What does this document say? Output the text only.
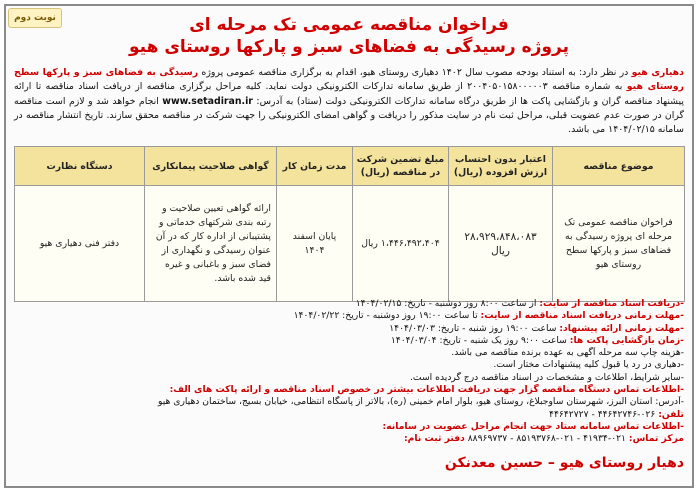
نوبت دوم	فراخوان مناقصه عمومی تک مرحله ای
پروژه رسیدگی به فضاهای سبز و پارکها روستای هیو
دهیاری هیو در نظر دارد: به استناد بودجه مصوب سال ۱۴۰۲ دهیاری روستای هیو، اقدام به برگزاری مناقصه عمومی پروژه رسیدگی به فضاهای سبز و پارکها سطح روستای هیو به شماره مناقصه ۲۰۰۴۰۵۰۱۵۸۰۰۰۰۰۳ از طریق سامانه تدارکات الکترونیکی دولت نماید. کلیه مراحل برگزاری مناقصه از دریافت اسناد مناقصه تا ارائه پیشنهاد مناقصه گران و بازگشایی پاکت ها از طریق درگاه سامانه تدارکات الکترونیکی دولت (ستاد) به آدرس: www.setadiran.ir انجام خواهد شد و لازم است مناقصه گران در صورت عدم عضویت قبلی، مراحل ثبت نام در سایت مذکور را دریافت و گواهی امضای الکترونیکی را جهت شرکت در مناقصه محقق سازند. تاریخ انتشار مناقصه در سامانه ۱۴۰۴/۰۲/۱۵ می باشد.
موضوع مناقصه	اعتبار بدون احتساب ارزش افزوده (ریال)	مبلغ تضمین شرکت در مناقصه (ریال)	مدت زمان کار	گواهی صلاحیت پیمانکاری	دستگاه نظارت
فراخوان مناقصه عمومی تک مرحله ای پروژه رسیدگی به فضاهای سبز و پارکها سطح روستای هیو	۲۸،۹۲۹،۸۴۸،۰۸۳ ریال	۱،۴۴۶،۴۹۲،۴۰۴ ریال	پایان اسفند ۱۴۰۴	ارائه گواهی تعیین صلاحیت و رتبه بندی شرکتهای خدماتی و پشتیبانی از اداره کار که در آن عنوان رسیدگی و نگهداری از فضای سبز و باغبانی و غیره قید شده باشد.	دفتر فنی دهیاری هیو
-دریافت اسناد مناقصه از سایت: از ساعت ۸:۰۰ روز دوشنبه - تاریخ: ۱۴۰۴/۰۲/۱۵
-مهلت زمانی دریافت اسناد مناقصه از سایت: تا ساعت ۱۹:۰۰ روز دوشنبه - تاریخ: ۱۴۰۴/۰۲/۲۲
-مهلت زمانی ارائه پیشنهاد: ساعت ۱۹:۰۰ روز شنبه - تاریخ: ۱۴۰۴/۰۳/۰۳
-زمان بازگشایی پاکت ها: ساعت ۹:۰۰ روز یک شنبه - تاریخ: ۱۴۰۴/۰۳/۰۴
-هزینه چاپ سه مرحله آگهی به عهده برنده مناقصه می باشد.
-دهیاری در رد یا قبول کلیه پیشنهادات مختار است.
-سایر شرایط، اطلاعات و مشخصات در اسناد مناقصه درج گردیده است.
-اطلاعات تماس دستگاه مناقصه گزار جهت دریافت اطلاعات بیشتر در خصوص اسناد مناقصه و ارائه پاکت های الف:
-آدرس: استان البرز، شهرستان ساوجبلاغ، روستای هیو، بلوار امام خمینی (ره)، بالاتر از پاسگاه انتظامی، خیابان بسیج، ساختمان دهیاری هیو
تلفن: ۰۲۶-۴۴۶۴۲۷۴۶ - ۴۴۶۴۲۷۲۷
-اطلاعات تماس سامانه ستاد جهت انجام مراحل عضویت در سامانه:
مرکز تماس: ۰۲۱-۴۱۹۳۴ - ۰۲۱-۸۵۱۹۳۷۶۸ - ۸۸۹۶۹۷۳۷ دفتر ثبت نام:
دهیار روستای هیو – حسین معدنکن
